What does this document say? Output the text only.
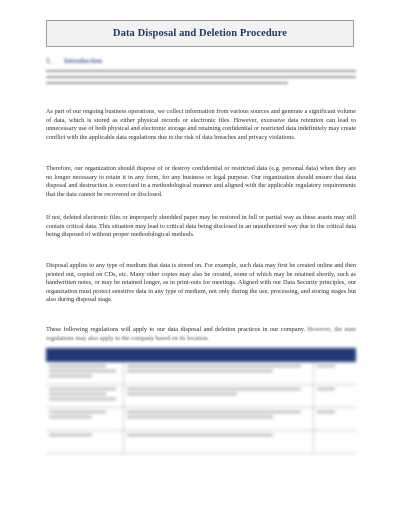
Data Disposal and Deletion Procedure
1. Introduction

As part of our ongoing business operations, we collect information from various sources and generate a significant volume of data, which is stored as either physical records or electronic files. However, excessive data retention can lead to unnecessary use of both physical and electronic storage and retaining confidential or restricted data indefinitely may create conflict with the applicable data regulations due to the risk of data breaches and privacy violations.

Therefore, our organization should dispose of or destroy confidential or restricted data (e.g. personal data) when they are no longer necessary to retain it in any form, for any business or legal purpose. Our organization should ensure that data disposal and destruction is exercised in a methodological manner and aligned with the applicable regulatory requirements that the data cannot be recovered or disclosed.

If not, deleted electronic files or improperly shredded paper may be restored in full or partial way as these assets may still contain critical data. This situation may lead to critical data being disclosed in an unauthorized way due to the critical data being disposed of without proper methodological methods.

Disposal applies to any type of medium that data is stored on. For example, such data may first be created online and then printed out, copied on CDs, etc. Many other copies may also be created, some of which may be retained shortly, such as handwritten notes, or may be retained longer, as in print-outs for meetings. Aligned with our Data Security principles, our organization must protect sensitive data in any type of medium, not only during the use, processing, and storing stages but also during disposal stage.

These following regulations will apply to our data disposal and deletion practices in our company. However, the state regulations may also apply to the company based on its location.
